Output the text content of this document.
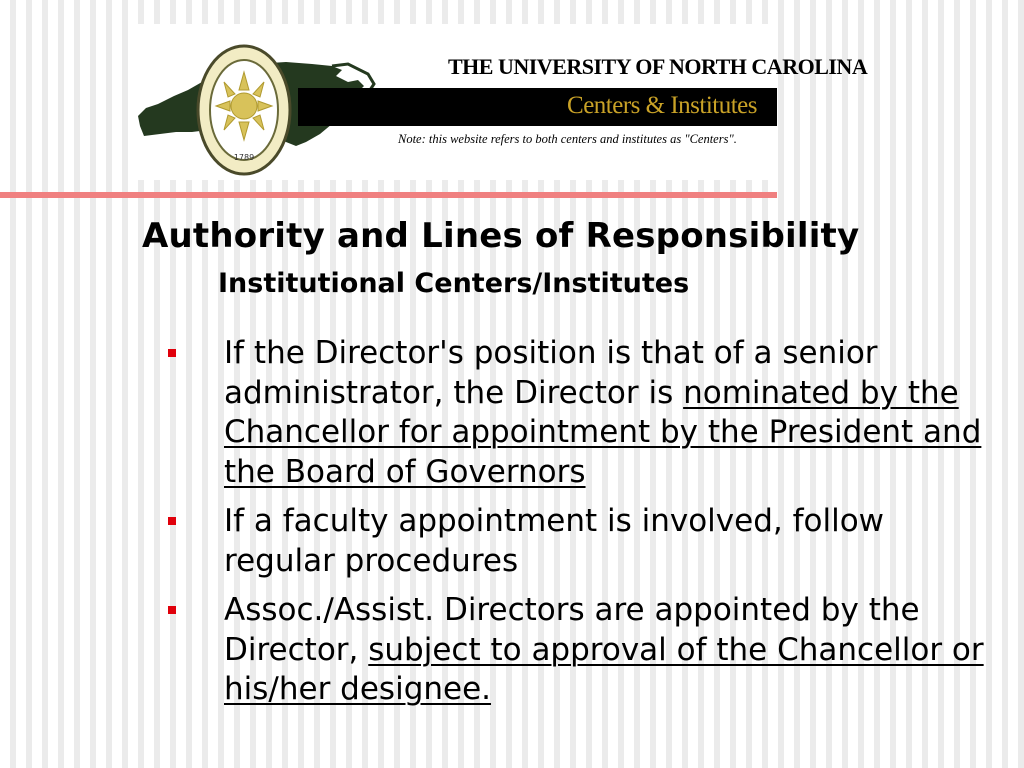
1789
THE UNIVERSITY OF NORTH CAROLINA
Centers & Institutes
Note: this website refers to both centers and institutes as "Centers".
Authority and Lines of Responsibility
Institutional Centers/Institutes
If the Director's position is that of a senior administrator, the Director is nominated by the Chancellor for appointment by the President and the Board of Governors
If a faculty appointment is involved, follow regular procedures
Assoc./Assist. Directors are appointed by the Director, subject to approval of the Chancellor or his/her designee.
